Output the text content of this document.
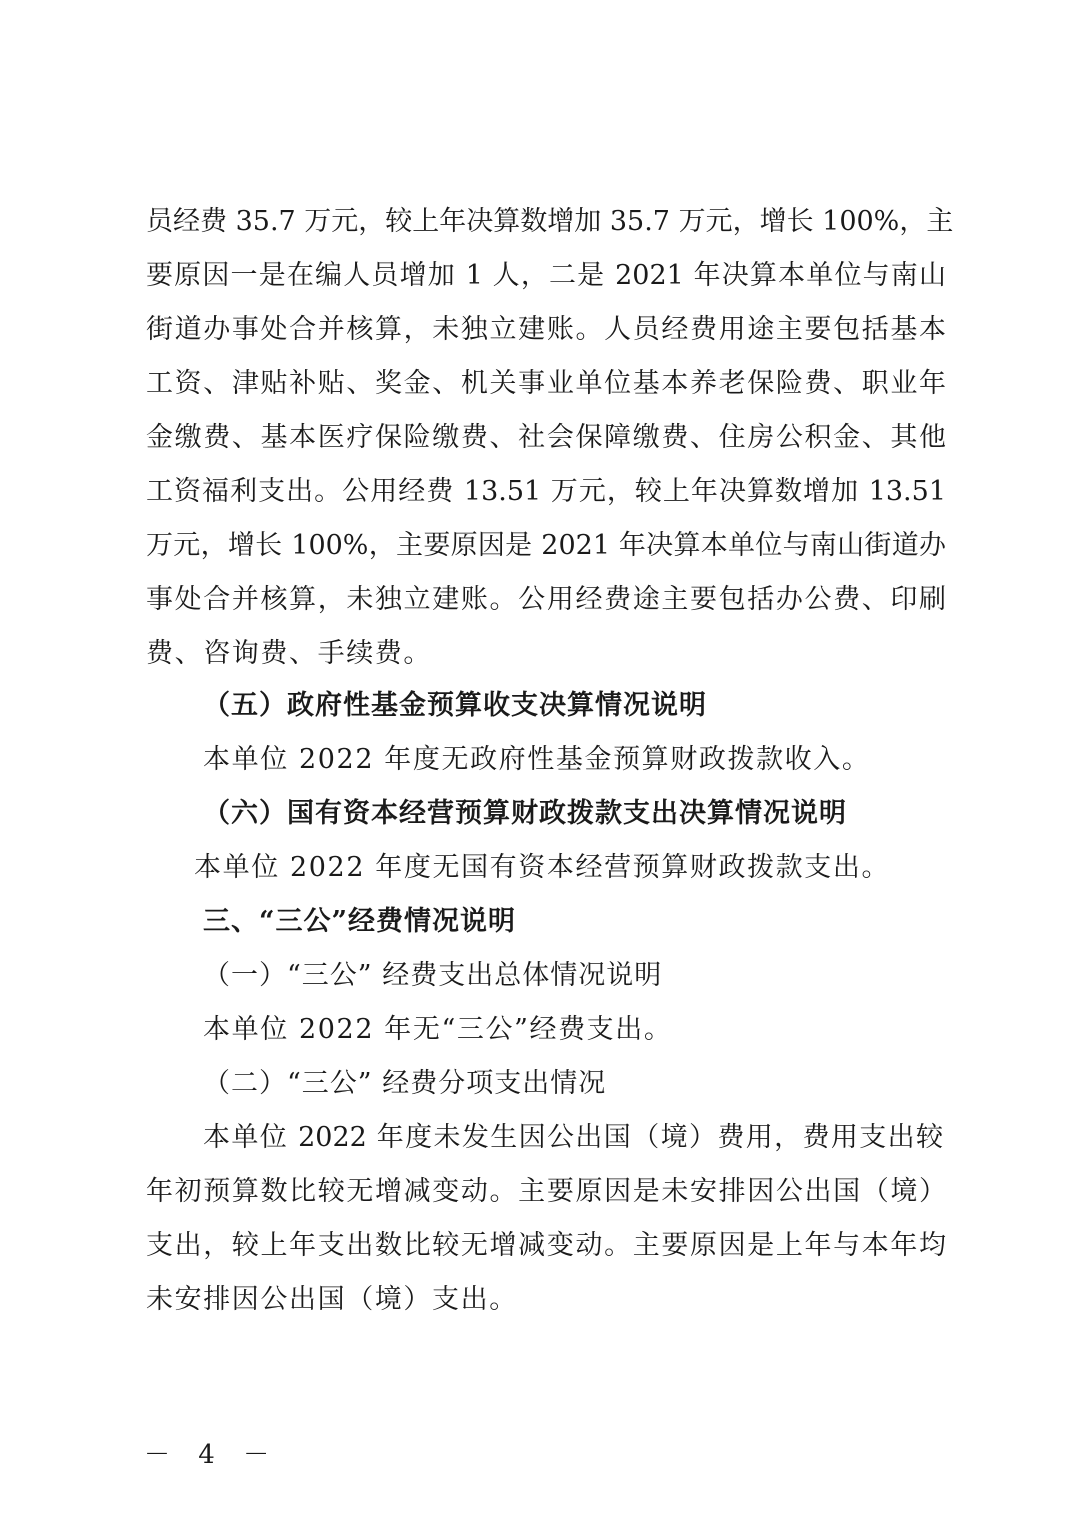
员经费 35.7 万元，较上年决算数增加 35.7 万元，增长 100%，主
要原因一是在编人员增加 1 人，二是 2021 年决算本单位与南山
街道办事处合并核算，未独立建账。人员经费用途主要包括基本
工资、津贴补贴、奖金、机关事业单位基本养老保险费、职业年
金缴费、基本医疗保险缴费、社会保障缴费、住房公积金、其他
工资福利支出。公用经费 13.51 万元，较上年决算数增加 13.51
万元，增长 100%，主要原因是 2021 年决算本单位与南山街道办
事处合并核算，未独立建账。公用经费途主要包括办公费、印刷
费、咨询费、手续费。
（五）政府性基金预算收支决算情况说明
本单位 2022 年度无政府性基金预算财政拨款收入。
（六）国有资本经营预算财政拨款支出决算情况说明
本单位 2022 年度无国有资本经营预算财政拨款支出。
三、“三公”经费情况说明
（一）“三公” 经费支出总体情况说明
本单位 2022 年无“三公”经费支出。
（二）“三公” 经费分项支出情况
本单位 2022 年度未发生因公出国（境）费用，费用支出较
年初预算数比较无增减变动。主要原因是未安排因公出国（境）
支出，较上年支出数比较无增减变动。主要原因是上年与本年均
未安排因公出国（境）支出。
－ 4 －
